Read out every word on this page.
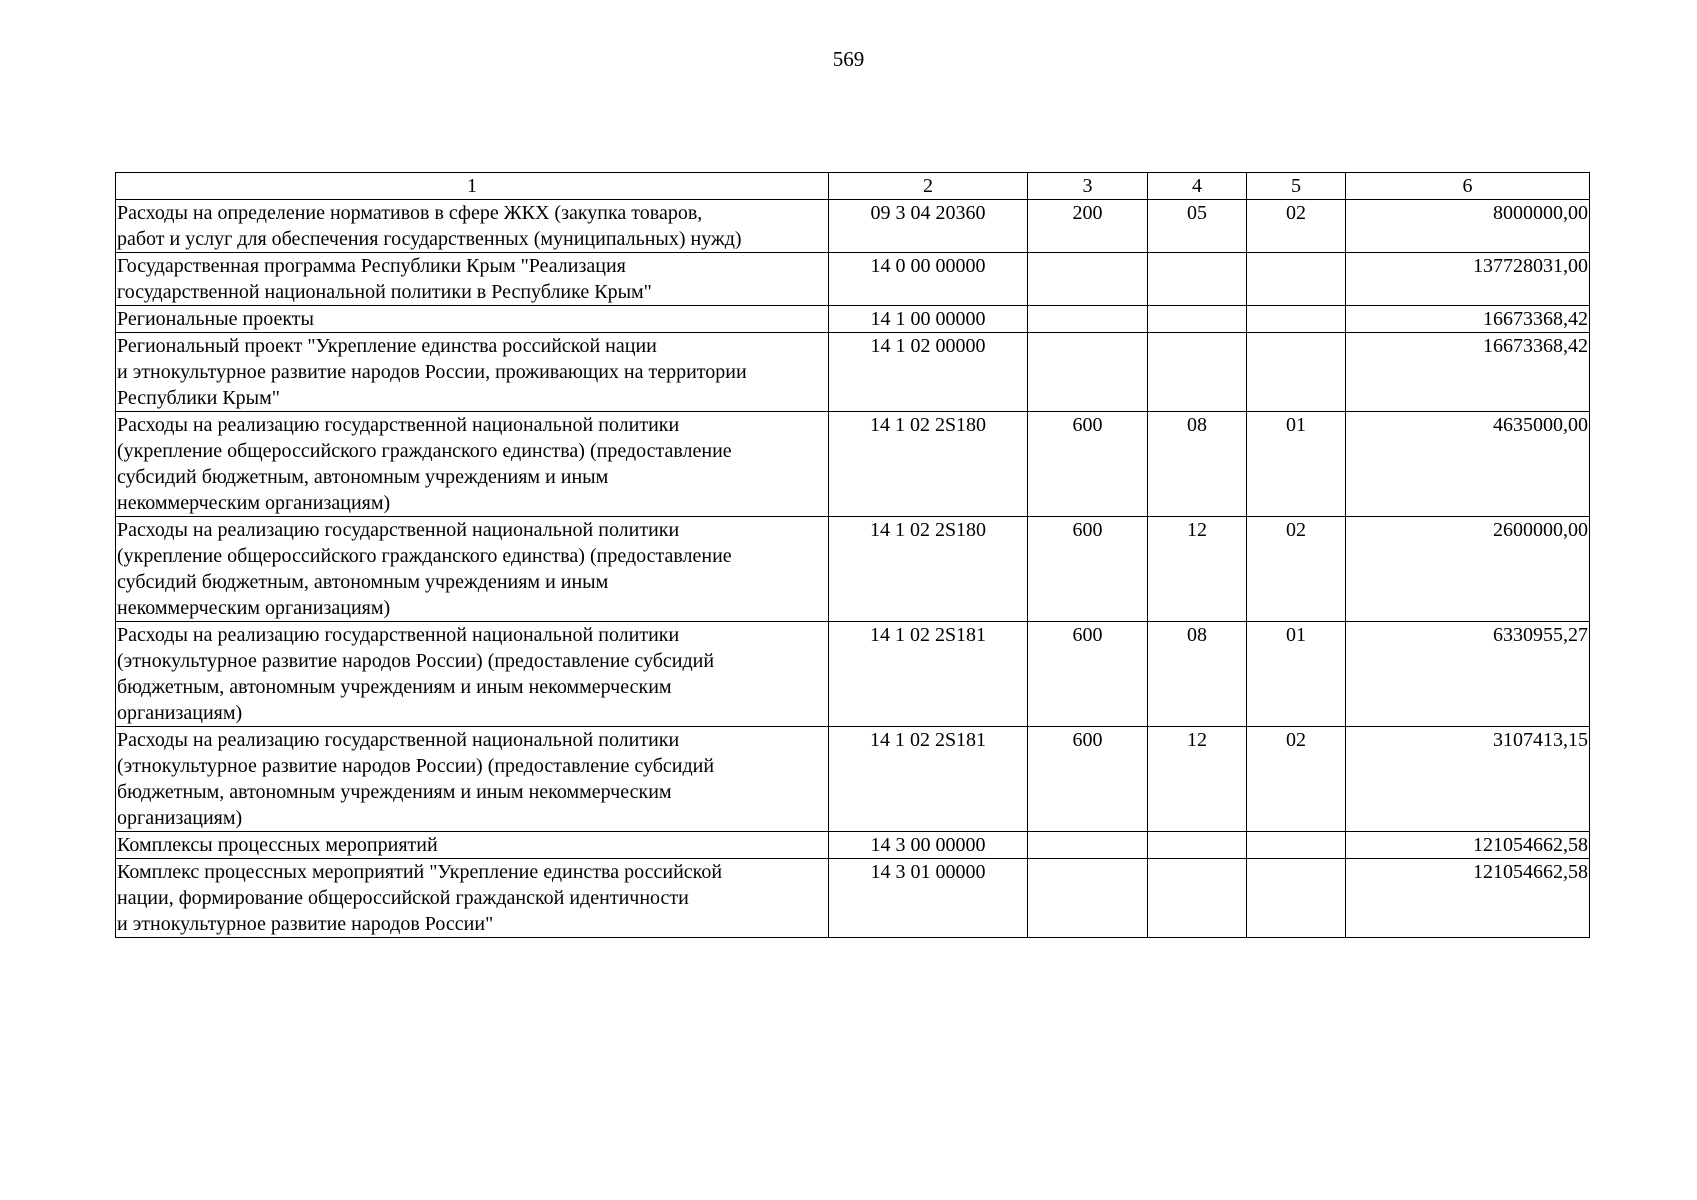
569
1	2	3	4	5	6

Расходы на определение нормативов в сфере ЖКХ (закупка товаров,
работ и услуг для обеспечения государственных (муниципальных) нужд)	09 3 04 20360	200	05	02	8000000,00

Государственная программа Республики Крым "Реализация
государственной национальной политики в Республике Крым"	14 0 00 00000				137728031,00

Региональные проекты	14 1 00 00000				16673368,42

Региональный проект "Укрепление единства российской нации
и этнокультурное развитие народов России, проживающих на территории
Республики Крым"	14 1 02 00000				16673368,42

Расходы на реализацию государственной национальной политики
(укрепление общероссийского гражданского единства) (предоставление
субсидий бюджетным, автономным учреждениям и иным
некоммерческим организациям)	14 1 02 2S180	600	08	01	4635000,00

Расходы на реализацию государственной национальной политики
(укрепление общероссийского гражданского единства) (предоставление
субсидий бюджетным, автономным учреждениям и иным
некоммерческим организациям)	14 1 02 2S180	600	12	02	2600000,00

Расходы на реализацию государственной национальной политики
(этнокультурное развитие народов России) (предоставление субсидий
бюджетным, автономным учреждениям и иным некоммерческим
организациям)	14 1 02 2S181	600	08	01	6330955,27

Расходы на реализацию государственной национальной политики
(этнокультурное развитие народов России) (предоставление субсидий
бюджетным, автономным учреждениям и иным некоммерческим
организациям)	14 1 02 2S181	600	12	02	3107413,15

Комплексы процессных мероприятий	14 3 00 00000				121054662,58

Комплекс процессных мероприятий "Укрепление единства российской
нации, формирование общероссийской гражданской идентичности
и этнокультурное развитие народов России"	14 3 01 00000				121054662,58
